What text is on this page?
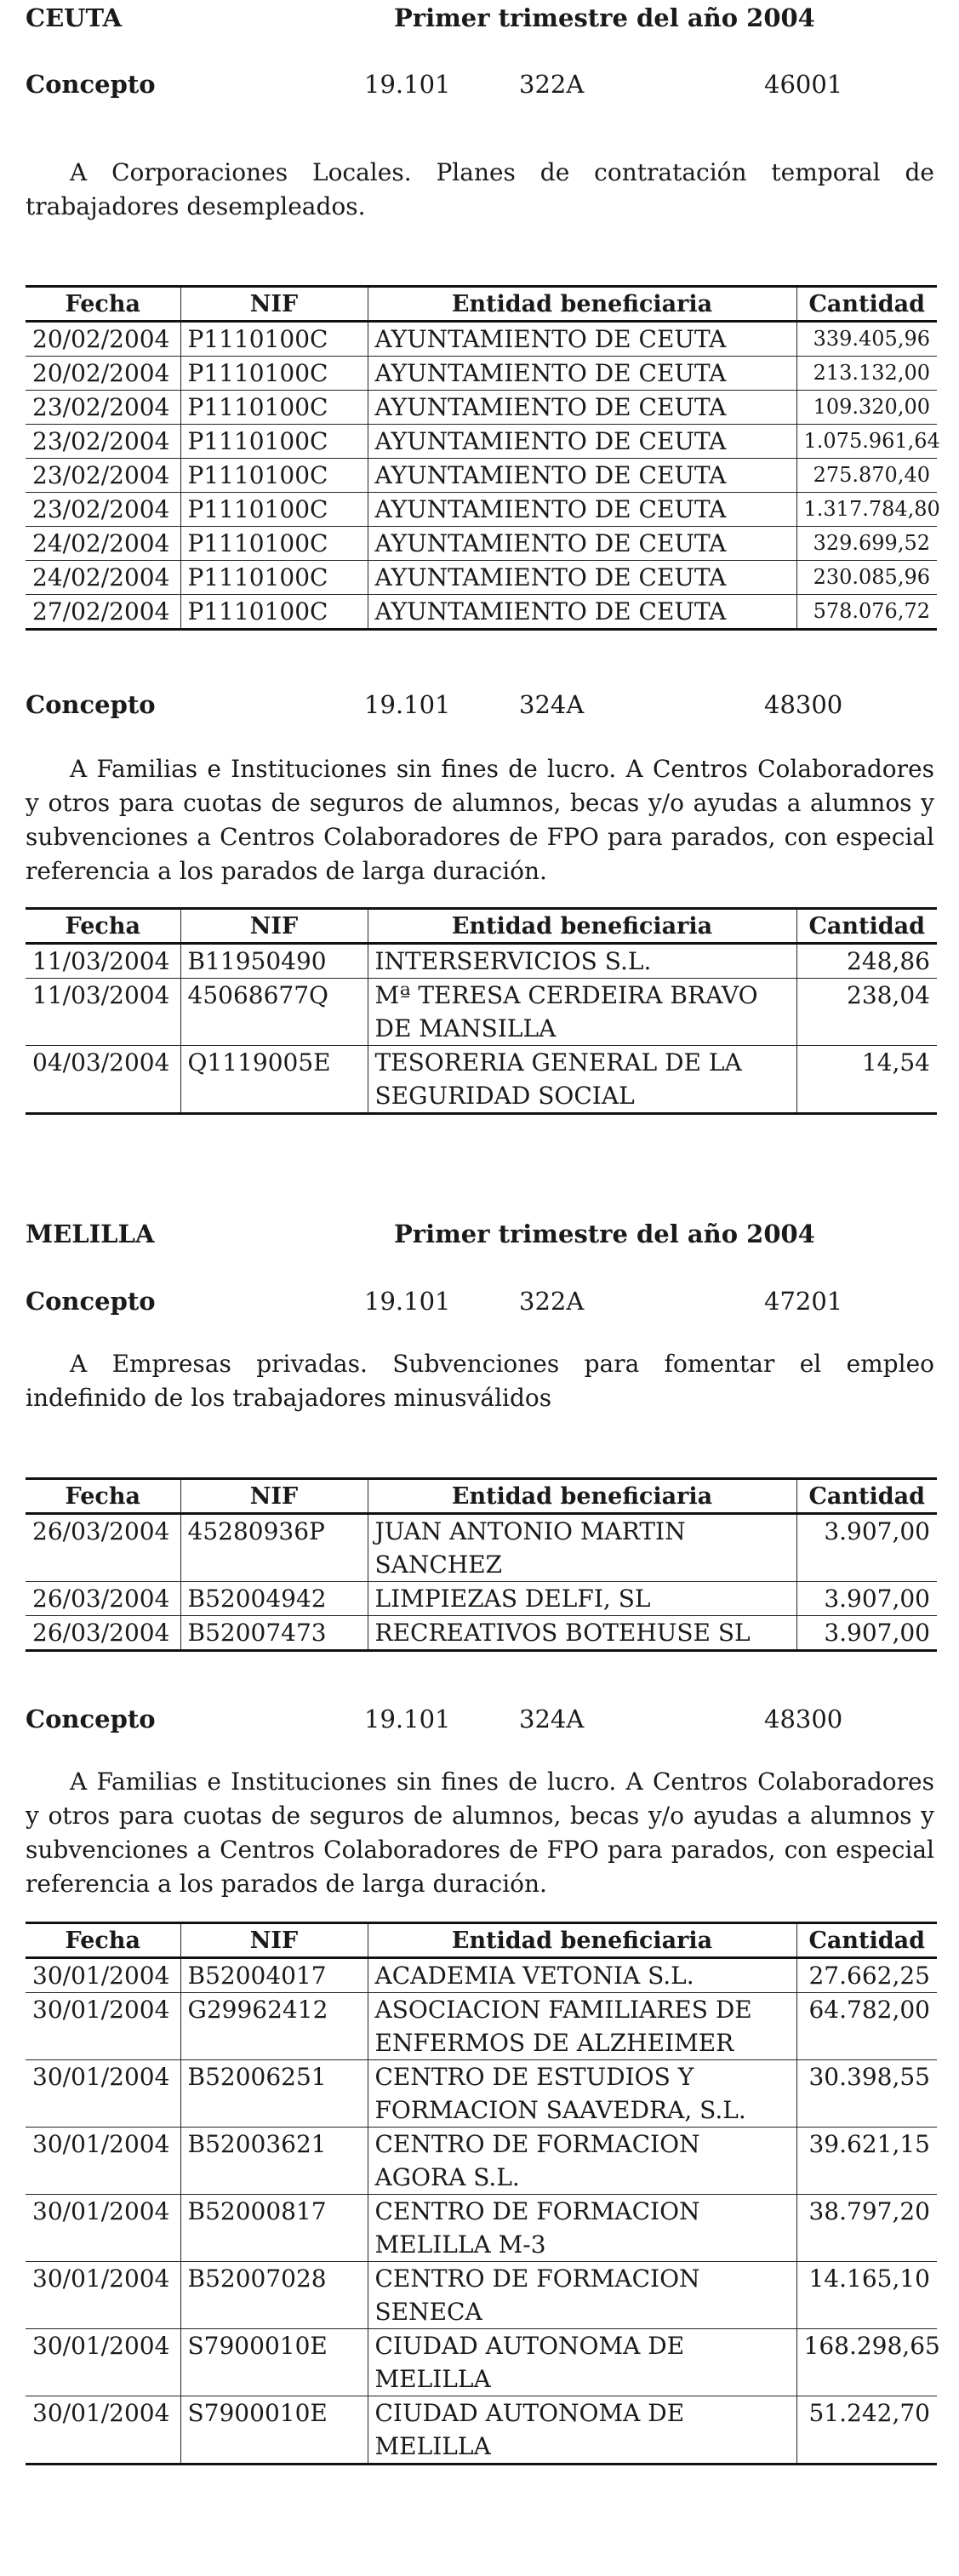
CEUTA	Primer trimestre del año 2004
Concepto	19.101	322A	46001
A Corporaciones Locales. Planes de contratación temporal de trabajadores desempleados.
Fecha	NIF	Entidad beneficiaria	Cantidad
20/02/2004	P1110100C	AYUNTAMIENTO DE CEUTA	339.405,96
20/02/2004	P1110100C	AYUNTAMIENTO DE CEUTA	213.132,00
23/02/2004	P1110100C	AYUNTAMIENTO DE CEUTA	109.320,00
23/02/2004	P1110100C	AYUNTAMIENTO DE CEUTA	1.075.961,64
23/02/2004	P1110100C	AYUNTAMIENTO DE CEUTA	275.870,40
23/02/2004	P1110100C	AYUNTAMIENTO DE CEUTA	1.317.784,80
24/02/2004	P1110100C	AYUNTAMIENTO DE CEUTA	329.699,52
24/02/2004	P1110100C	AYUNTAMIENTO DE CEUTA	230.085,96
27/02/2004	P1110100C	AYUNTAMIENTO DE CEUTA	578.076,72
Concepto	19.101	324A	48300
A Familias e Instituciones sin fines de lucro. A Centros Colaboradores y otros para cuotas de seguros de alumnos, becas y/o ayudas a alumnos y subvenciones a Centros Colaboradores de FPO para parados, con especial referencia a los parados de larga duración.
Fecha	NIF	Entidad beneficiaria	Cantidad
11/03/2004	B11950490	INTERSERVICIOS S.L.	248,86
11/03/2004	45068677Q	Mª TERESA CERDEIRA BRAVO DE MANSILLA	238,04
04/03/2004	Q1119005E	TESORERIA GENERAL DE LA SEGURIDAD SOCIAL	14,54
MELILLA	Primer trimestre del año 2004
Concepto	19.101	322A	47201
A Empresas privadas. Subvenciones para fomentar el empleo indefinido de los trabajadores minusválidos
Fecha	NIF	Entidad beneficiaria	Cantidad
26/03/2004	45280936P	JUAN ANTONIO MARTIN SANCHEZ	3.907,00
26/03/2004	B52004942	LIMPIEZAS DELFI, SL	3.907,00
26/03/2004	B52007473	RECREATIVOS BOTEHUSE SL	3.907,00
Concepto	19.101	324A	48300
A Familias e Instituciones sin fines de lucro. A Centros Colaboradores y otros para cuotas de seguros de alumnos, becas y/o ayudas a alumnos y subvenciones a Centros Colaboradores de FPO para parados, con especial referencia a los parados de larga duración.
Fecha	NIF	Entidad beneficiaria	Cantidad
30/01/2004	B52004017	ACADEMIA VETONIA S.L.	27.662,25
30/01/2004	G29962412	ASOCIACION FAMILIARES DE ENFERMOS DE ALZHEIMER	64.782,00
30/01/2004	B52006251	CENTRO DE ESTUDIOS Y FORMACION SAAVEDRA, S.L.	30.398,55
30/01/2004	B52003621	CENTRO DE FORMACION AGORA S.L.	39.621,15
30/01/2004	B52000817	CENTRO DE FORMACION MELILLA M-3	38.797,20
30/01/2004	B52007028	CENTRO DE FORMACION SENECA	14.165,10
30/01/2004	S7900010E	CIUDAD AUTONOMA DE MELILLA	168.298,65
30/01/2004	S7900010E	CIUDAD AUTONOMA DE MELILLA	51.242,70
